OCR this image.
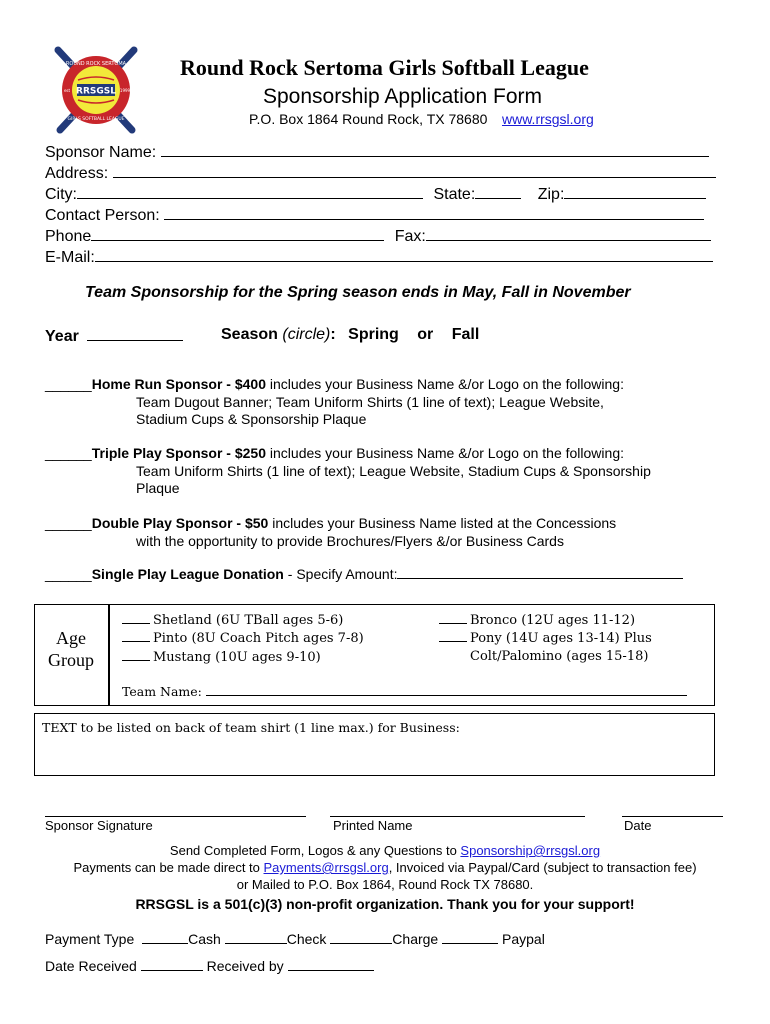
RRSGSL
ROUND ROCK SERTOMA
GIRLS SOFTBALL LEAGUE
est	1999
Round Rock Sertoma Girls Softball League
Sponsorship Application Form
P.O. Box 1864 Round Rock, TX 78680 www.rrsgsl.org
Sponsor Name:
Address:
City:	State:	Zip:
Contact Person:
Phone	Fax:
E-Mail:
Team Sponsorship for the Spring season ends in May, Fall in November
Year	Season (circle): Spring or Fall
______Home Run Sponsor - $400 includes your Business Name &/or Logo on the following:
Team Dugout Banner; Team Uniform Shirts (1 line of text); League Website,
Stadium Cups & Sponsorship Plaque
______Triple Play Sponsor - $250 includes your Business Name &/or Logo on the following:
Team Uniform Shirts (1 line of text); League Website, Stadium Cups & Sponsorship
Plaque
______Double Play Sponsor - $50 includes your Business Name listed at the Concessions
with the opportunity to provide Brochures/Flyers &/or Business Cards
______Single Play League Donation - Specify Amount:
Age
Group
Shetland (6U TBall ages 5-6)
Pinto (8U Coach Pitch ages 7-8)
Mustang (10U ages 9-10)
Bronco (12U ages 11-12)
Pony (14U ages 13-14) Plus
Colt/Palomino (ages 15-18)
Team Name:
TEXT to be listed on back of team shirt (1 line max.) for Business:
Sponsor Signature	Printed Name	Date
Send Completed Form, Logos & any Questions to Sponsorship@rrsgsl.org
Payments can be made direct to Payments@rrsgsl.org, Invoiced via Paypal/Card (subject to transaction fee)
or Mailed to P.O. Box 1864, Round Rock TX 78680.
RRSGSL is a 501(c)(3) non-profit organization. Thank you for your support!
Payment Type	Cash	Check	Charge	Paypal
Date Received	Received by
